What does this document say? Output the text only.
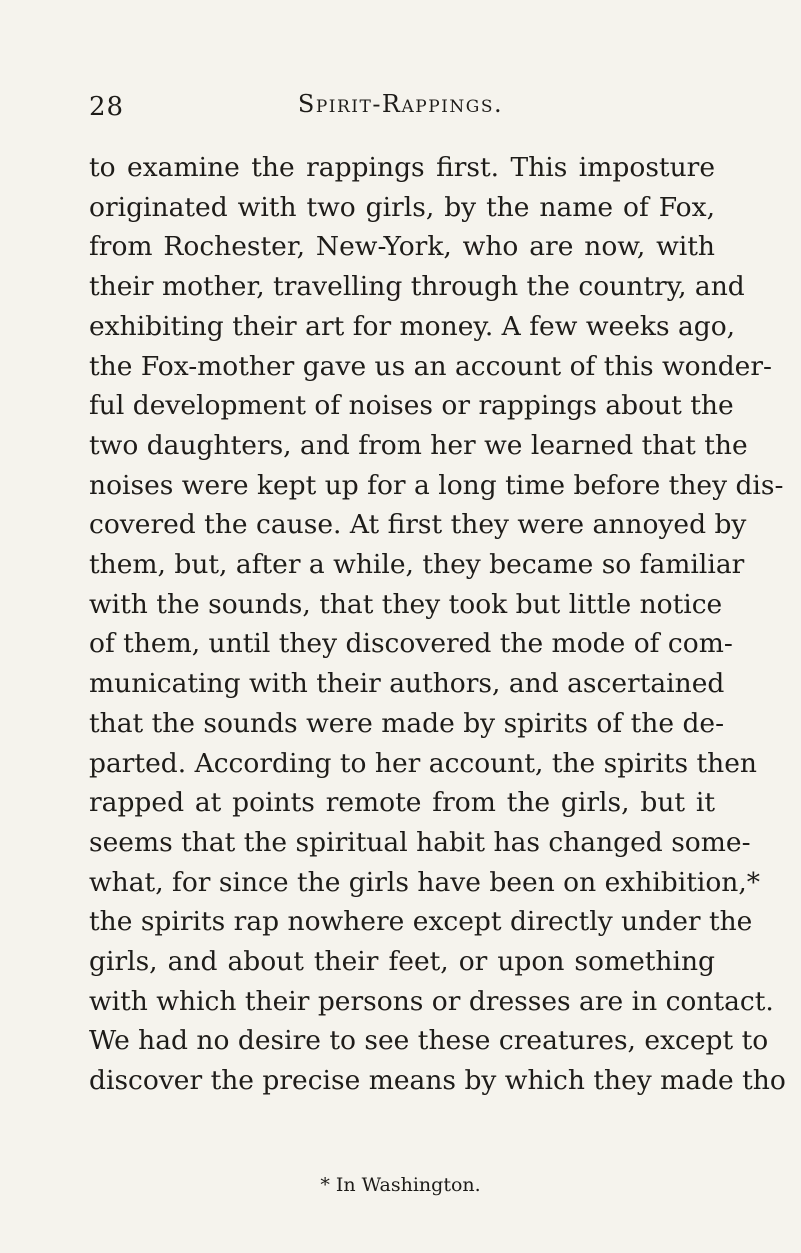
28	Spirit-Rappings.
to examine the rappings first. This imposture
originated with two girls, by the name of Fox,
from Rochester, New-York, who are now, with
their mother, travelling through the country, and
exhibiting their art for money. A few weeks ago,
the Fox-mother gave us an account of this wonder-
ful development of noises or rappings about the
two daughters, and from her we learned that the
noises were kept up for a long time before they dis-
covered the cause. At first they were annoyed by
them, but, after a while, they became so familiar
with the sounds, that they took but little notice
of them, until they discovered the mode of com-
municating with their authors, and ascertained
that the sounds were made by spirits of the de-
parted. According to her account, the spirits then
rapped at points remote from the girls, but it
seems that the spiritual habit has changed some-
what, for since the girls have been on exhibition,*
the spirits rap nowhere except directly under the
girls, and about their feet, or upon something
with which their persons or dresses are in contact.
We had no desire to see these creatures, except to
discover the precise means by which they made tho
* In Washington.
